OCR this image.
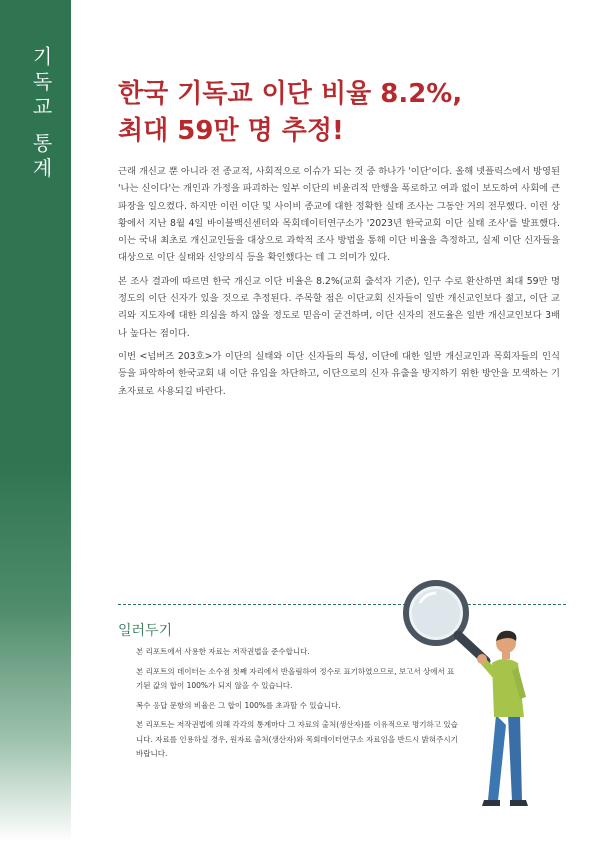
기독교 통계	한국 기독교 이단 비율 8.2%,
최대 59만 명 추정!

근래 개신교 뿐 아니라 전 종교적, 사회적으로 이슈가 되는 것 중 하나가 '이단'이다. 올해 넷플릭스에서 방영된 '나는 신이다'는 개인과 가정을 파괴하는 일부 이단의 비윤리적 만행을 폭로하고 여과 없이 보도하여 사회에 큰 파장을 일으켰다. 하지만 이런 이단 및 사이비 종교에 대한 정확한 실태 조사는 그동안 거의 전무했다. 이런 상황에서 지난 8월 4일 바이블백신센터와 목회데이터연구소가 '2023년 한국교회 이단 실태 조사'를 발표했다. 이는 국내 최초로 개신교인들을 대상으로 과학적 조사 방법을 통해 이단 비율을 측정하고, 실제 이단 신자들을 대상으로 이단 실태와 신앙의식 등을 확인했다는 데 그 의미가 있다.

본 조사 결과에 따르면 한국 개신교 이단 비율은 8.2%(교회 출석자 기준), 인구 수로 환산하면 최대 59만 명 정도의 이단 신자가 있을 것으로 추정된다. 주목할 점은 이단교회 신자들이 일반 개신교인보다 젊고, 이단 교리와 지도자에 대한 의심을 하지 않을 정도로 믿음이 굳건하며, 이단 신자의 전도율은 일반 개신교인보다 3배나 높다는 점이다.

이번 <넘버즈 203호>가 이단의 실태와 이단 신자들의 특성, 이단에 대한 일반 개신교인과 목회자들의 인식 등을 파악하여 한국교회 내 이단 유입을 차단하고, 이단으로의 신자 유출을 방지하기 위한 방안을 모색하는 기초자료로 사용되길 바란다.

일러두기
본 리포트에서 사용한 자료는 저작권법을 준수합니다.
본 리포트의 데이터는 소수점 첫째 자리에서 반올림하여 정수로 표기하였으므로, 보고서 상에서 표기된 값의 합이 100%가 되지 않을 수 있습니다.
복수 응답 문항의 비율은 그 합이 100%를 초과할 수 있습니다.
본 리포트는 저작권법에 의해 각각의 통계마다 그 자료의 출처(생산자)를 이유적으로 명기하고 있습니다. 자료를 인용하실 경우, 원자료 출처(생산자)와 목회데이터연구소 자료임을 반드시 밝혀주시기 바랍니다.
